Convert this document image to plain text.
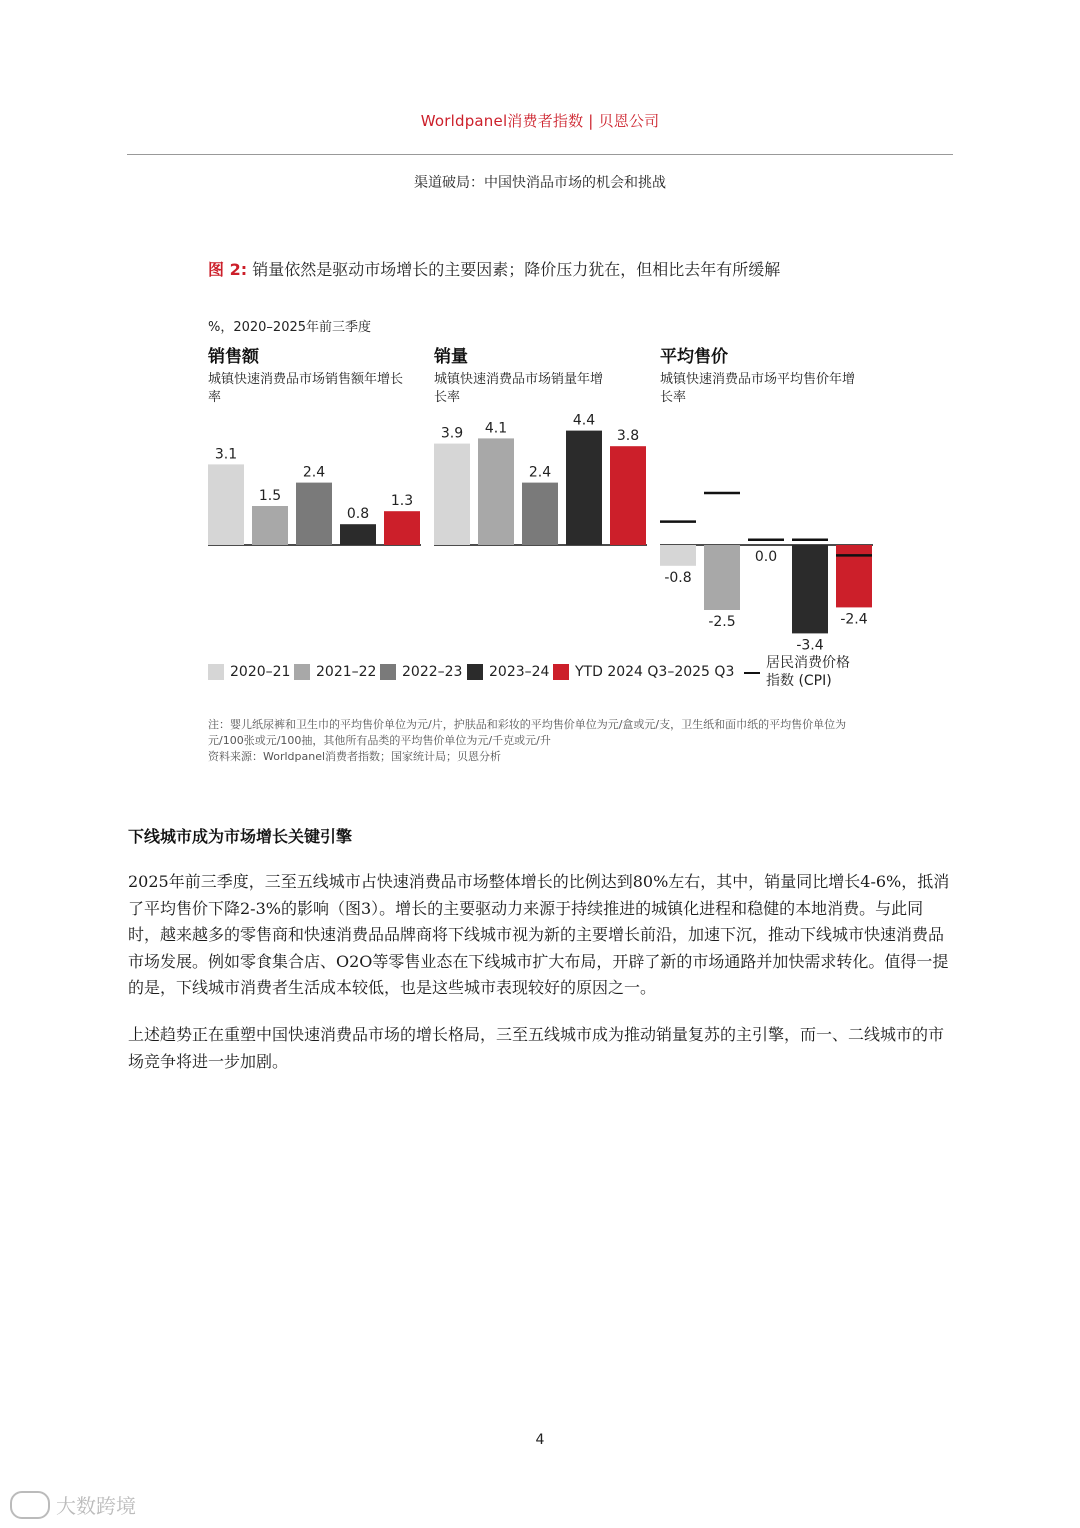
Worldpanel消费者指数 | 贝恩公司
渠道破局：中国快消品市场的机会和挑战
图 2: 销量依然是驱动市场增长的主要因素；降价压力犹在，但相比去年有所缓解
%，2020–2025年前三季度
销售额
城镇快速消费品市场销售额年增长率
销量
城镇快速消费品市场销量年增长率
平均售价
城镇快速消费品市场平均售价年增长率
3.1
1.5
2.4
0.8
1.3
3.9 4.1
2.4
4.4
3.8
-0.8
-2.5
0.0
-3.4
-2.4
2020–21 2021–22 2022–23 2023–24 YTD 2024 Q3–2025 Q3
居民消费价格
指数 (CPI)
注：婴儿纸尿裤和卫生巾的平均售价单位为元/片，护肤品和彩妆的平均售价单位为元/盒或元/支，卫生纸和面巾纸的平均售价单位为元/100张或元/100抽，其他所有品类的平均售价单位为元/千克或元/升
资料来源：Worldpanel消费者指数；国家统计局；贝恩分析
下线城市成为市场增长关键引擎
2025年前三季度，三至五线城市占快速消费品市场整体增长的比例达到80%左右，其中，销量同比增长4-6%，抵消了平均售价下降2-3%的影响（图3）。增长的主要驱动力来源于持续推进的城镇化进程和稳健的本地消费。与此同时，越来越多的零售商和快速消费品品牌商将下线城市视为新的主要增长前沿，加速下沉，推动下线城市快速消费品市场发展。例如零食集合店、O2O等零售业态在下线城市扩大布局，开辟了新的市场通路并加快需求转化。值得一提的是，下线城市消费者生活成本较低，也是这些城市表现较好的原因之一。
上述趋势正在重塑中国快速消费品市场的增长格局，三至五线城市成为推动销量复苏的主引擎，而一、二线城市的市场竞争将进一步加剧。
4
大数跨境
